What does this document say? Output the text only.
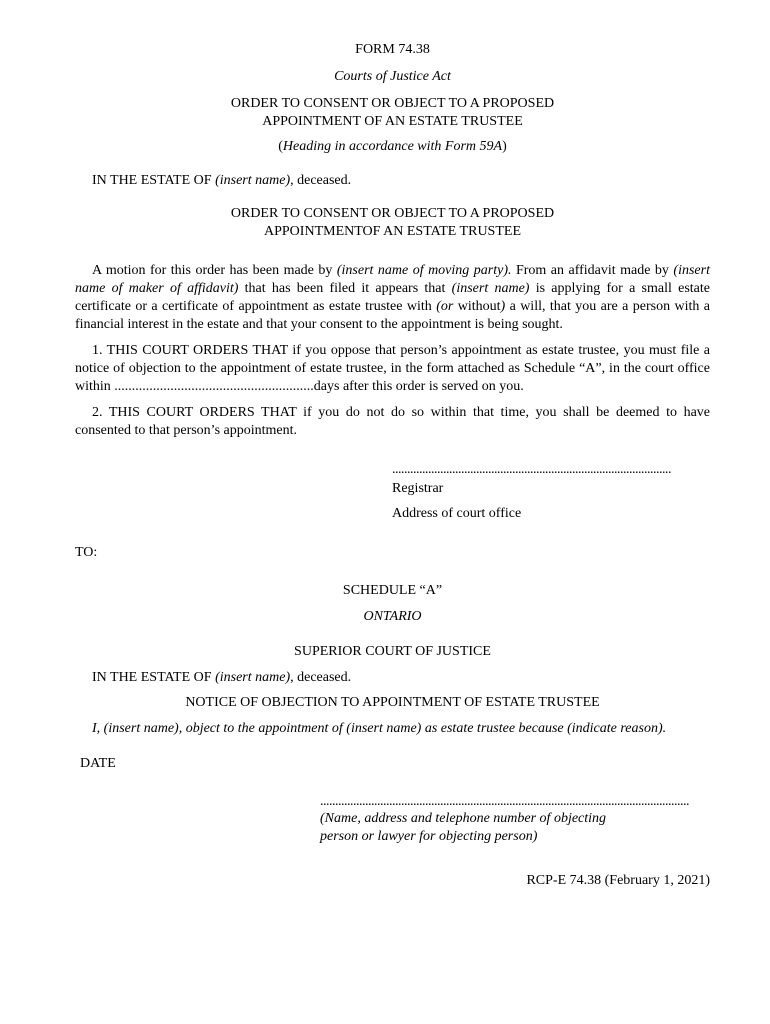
FORM 74.38
Courts of Justice Act
ORDER TO CONSENT OR OBJECT TO A PROPOSED
APPOINTMENT OF AN ESTATE TRUSTEE
(Heading in accordance with Form 59A)
IN THE ESTATE OF (insert name), deceased.
ORDER TO CONSENT OR OBJECT TO A PROPOSED
APPOINTMENTOF AN ESTATE TRUSTEE
A motion for this order has been made by (insert name of moving party). From an affidavit made by (insert name of maker of affidavit) that has been filed it appears that (insert name) is applying for a small estate certificate or a certificate of appointment as estate trustee with (or without) a will, that you are a person with a financial interest in the estate and that your consent to the appointment is being sought.
1. THIS COURT ORDERS THAT if you oppose that person’s appointment as estate trustee, you must file a notice of objection to the appointment of estate trustee, in the form attached as Schedule “A”, in the court office within .........................................................days after this order is served on you.
2. THIS COURT ORDERS THAT if you do not do so within that time, you shall be deemed to have consented to that person’s appointment.
.............................................................................................
Registrar
Address of court office
TO:
SCHEDULE “A”
ONTARIO
SUPERIOR COURT OF JUSTICE
IN THE ESTATE OF (insert name), deceased.
NOTICE OF OBJECTION TO APPOINTMENT OF ESTATE TRUSTEE
I, (insert name), object to the appointment of (insert name) as estate trustee because (indicate reason).
DATE
...........................................................................................................................
(Name, address and telephone number of objecting
person or lawyer for objecting person)
RCP-E 74.38 (February 1, 2021)
